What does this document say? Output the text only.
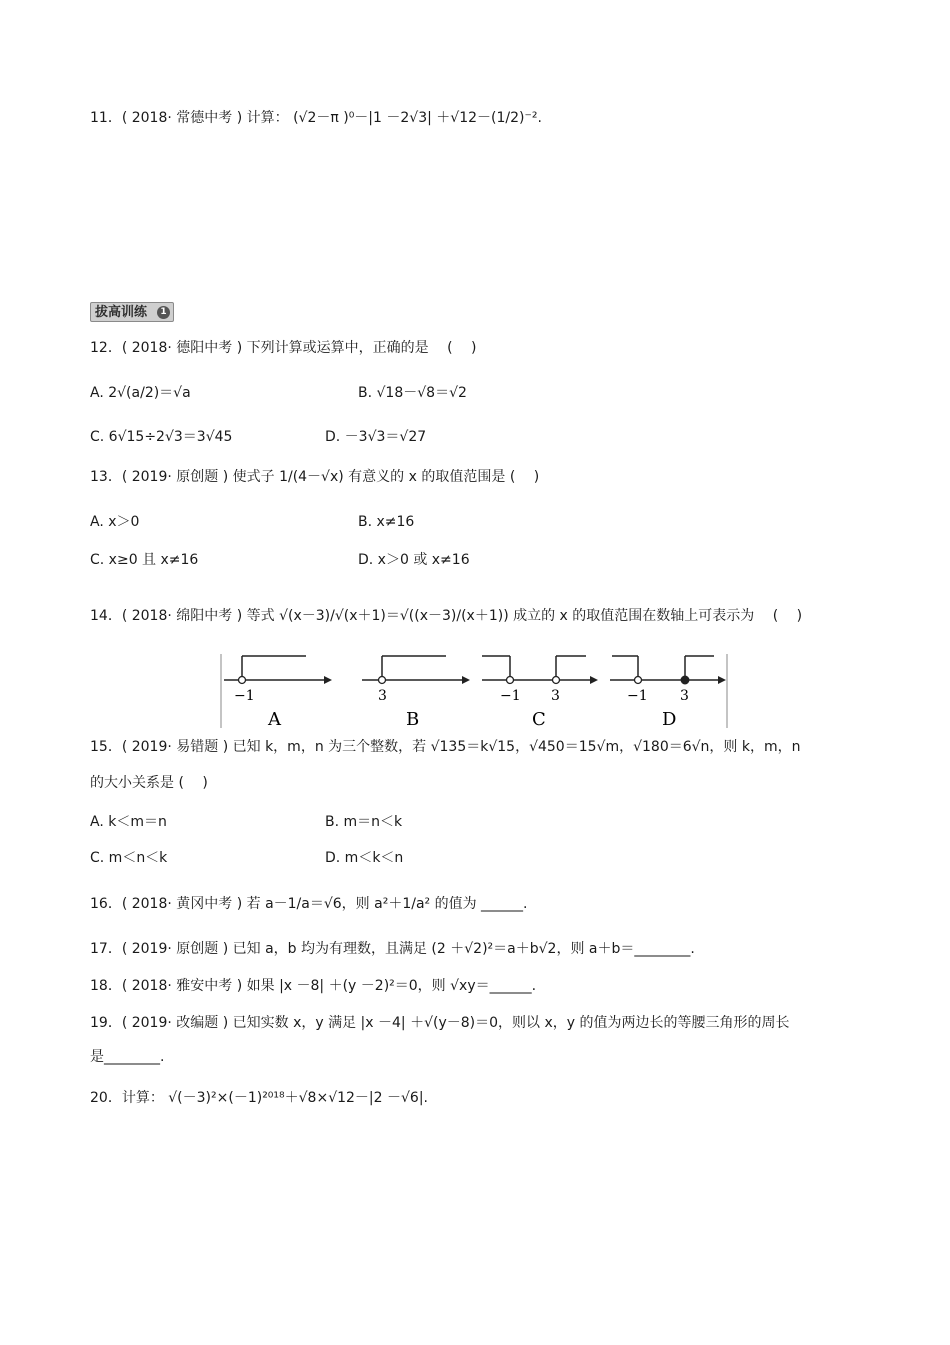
11．( 2018· 常德中考 ) 计算： (√2－π )⁰－|1 －2√3| ＋√12－(1/2)⁻².
拔高训练	1
12．( 2018· 德阳中考 ) 下列计算或运算中，正确的是　 (　 )
A. 2√(a/2)＝√a	B. √18－√8＝√2
C. 6√15÷2√3＝3√45	D. －3√3＝√27
13．( 2019· 原创题 ) 使式子 1/(4－√x) 有意义的 x 的取值范围是 (　 )
A. x＞0	B. x≠16
C. x≥0 且 x≠16	D. x＞0 或 x≠16
14．( 2018· 绵阳中考 ) 等式 √(x－3)/√(x＋1)＝√((x－3)/(x＋1)) 成立的 x 的取值范围在数轴上可表示为　 (　 )
−1
A
3
B
−1 3
C
−1 3
D
15．( 2019· 易错题 ) 已知 k，m，n 为三个整数，若 √135＝k√15，√450＝15√m，√180＝6√n，则 k，m，n
的大小关系是 (　 )
A. k＜m＝n	B. m＝n＜k
C. m＜n＜k	D. m＜k＜n
16．( 2018· 黄冈中考 ) 若 a－1/a＝√6，则 a²＋1/a² 的值为 ______.
17．( 2019· 原创题 ) 已知 a，b 均为有理数，且满足 (2 ＋√2)²＝a＋b√2，则 a＋b＝________.
18．( 2018· 雅安中考 ) 如果 |x －8| ＋(y －2)²＝0，则 √xy＝______.
19．( 2019· 改编题 ) 已知实数 x，y 满足 |x －4| ＋√(y－8)＝0，则以 x，y 的值为两边长的等腰三角形的周长
是________.
20．计算： √(－3)²×(－1)²⁰¹⁸＋√8×√12－|2 －√6|.
